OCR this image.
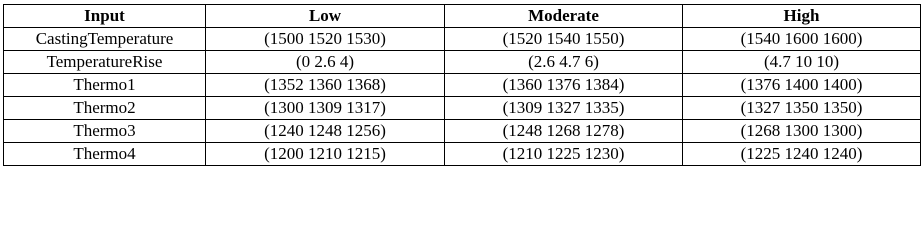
Input	Low	Moderate	High
CastingTemperature	(1500 1520 1530)	(1520 1540 1550)	(1540 1600 1600)
TemperatureRise	(0 2.6 4)	(2.6 4.7 6)	(4.7 10 10)
Thermo1	(1352 1360 1368)	(1360 1376 1384)	(1376 1400 1400)
Thermo2	(1300 1309 1317)	(1309 1327 1335)	(1327 1350 1350)
Thermo3	(1240 1248 1256)	(1248 1268 1278)	(1268 1300 1300)
Thermo4	(1200 1210 1215)	(1210 1225 1230)	(1225 1240 1240)
